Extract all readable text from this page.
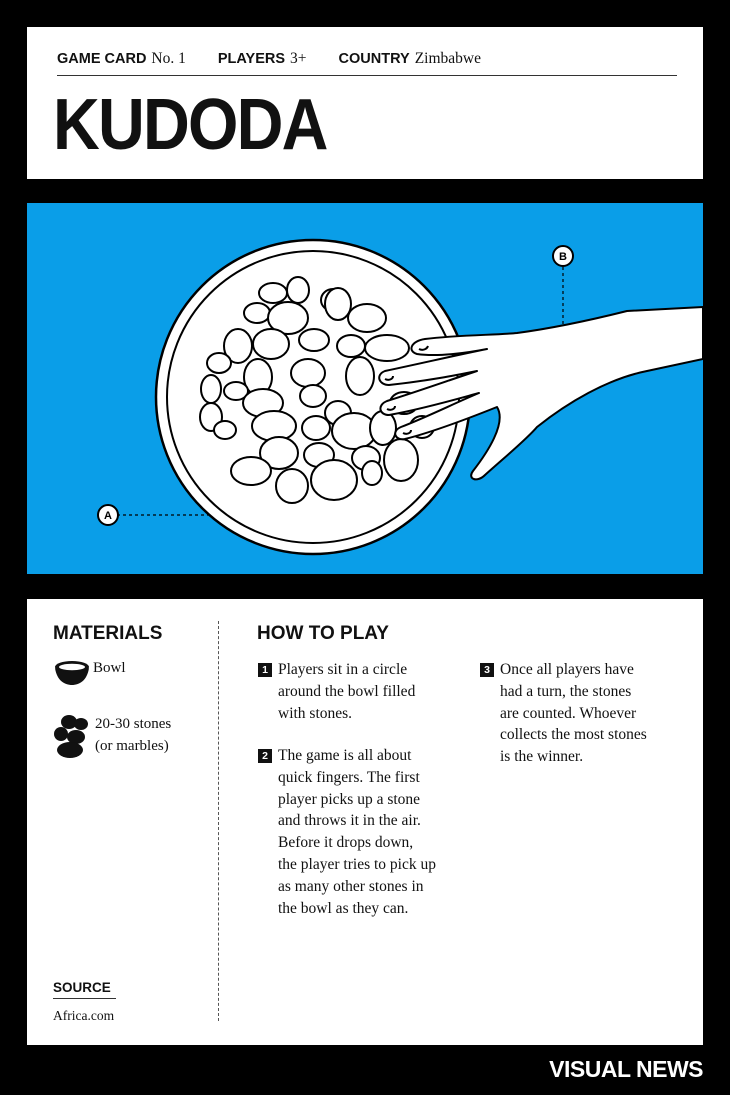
GAME CARD No. 1 PLAYERS 3+ COUNTRY Zimbabwe
KUDODA
A
B
MATERIALS
Bowl
20-30 stones
(or marbles)
HOW TO PLAY
1 Players sit in a circle
around the bowl filled
with stones.
2 The game is all about
quick fingers. The first
player picks up a stone
and throws it in the air.
Before it drops down,
the player tries to pick up
as many other stones in
the bowl as they can.
3 Once all players have
had a turn, the stones
are counted. Whoever
collects the most stones
is the winner.
SOURCE
Africa.com
VISUAL NEWS
